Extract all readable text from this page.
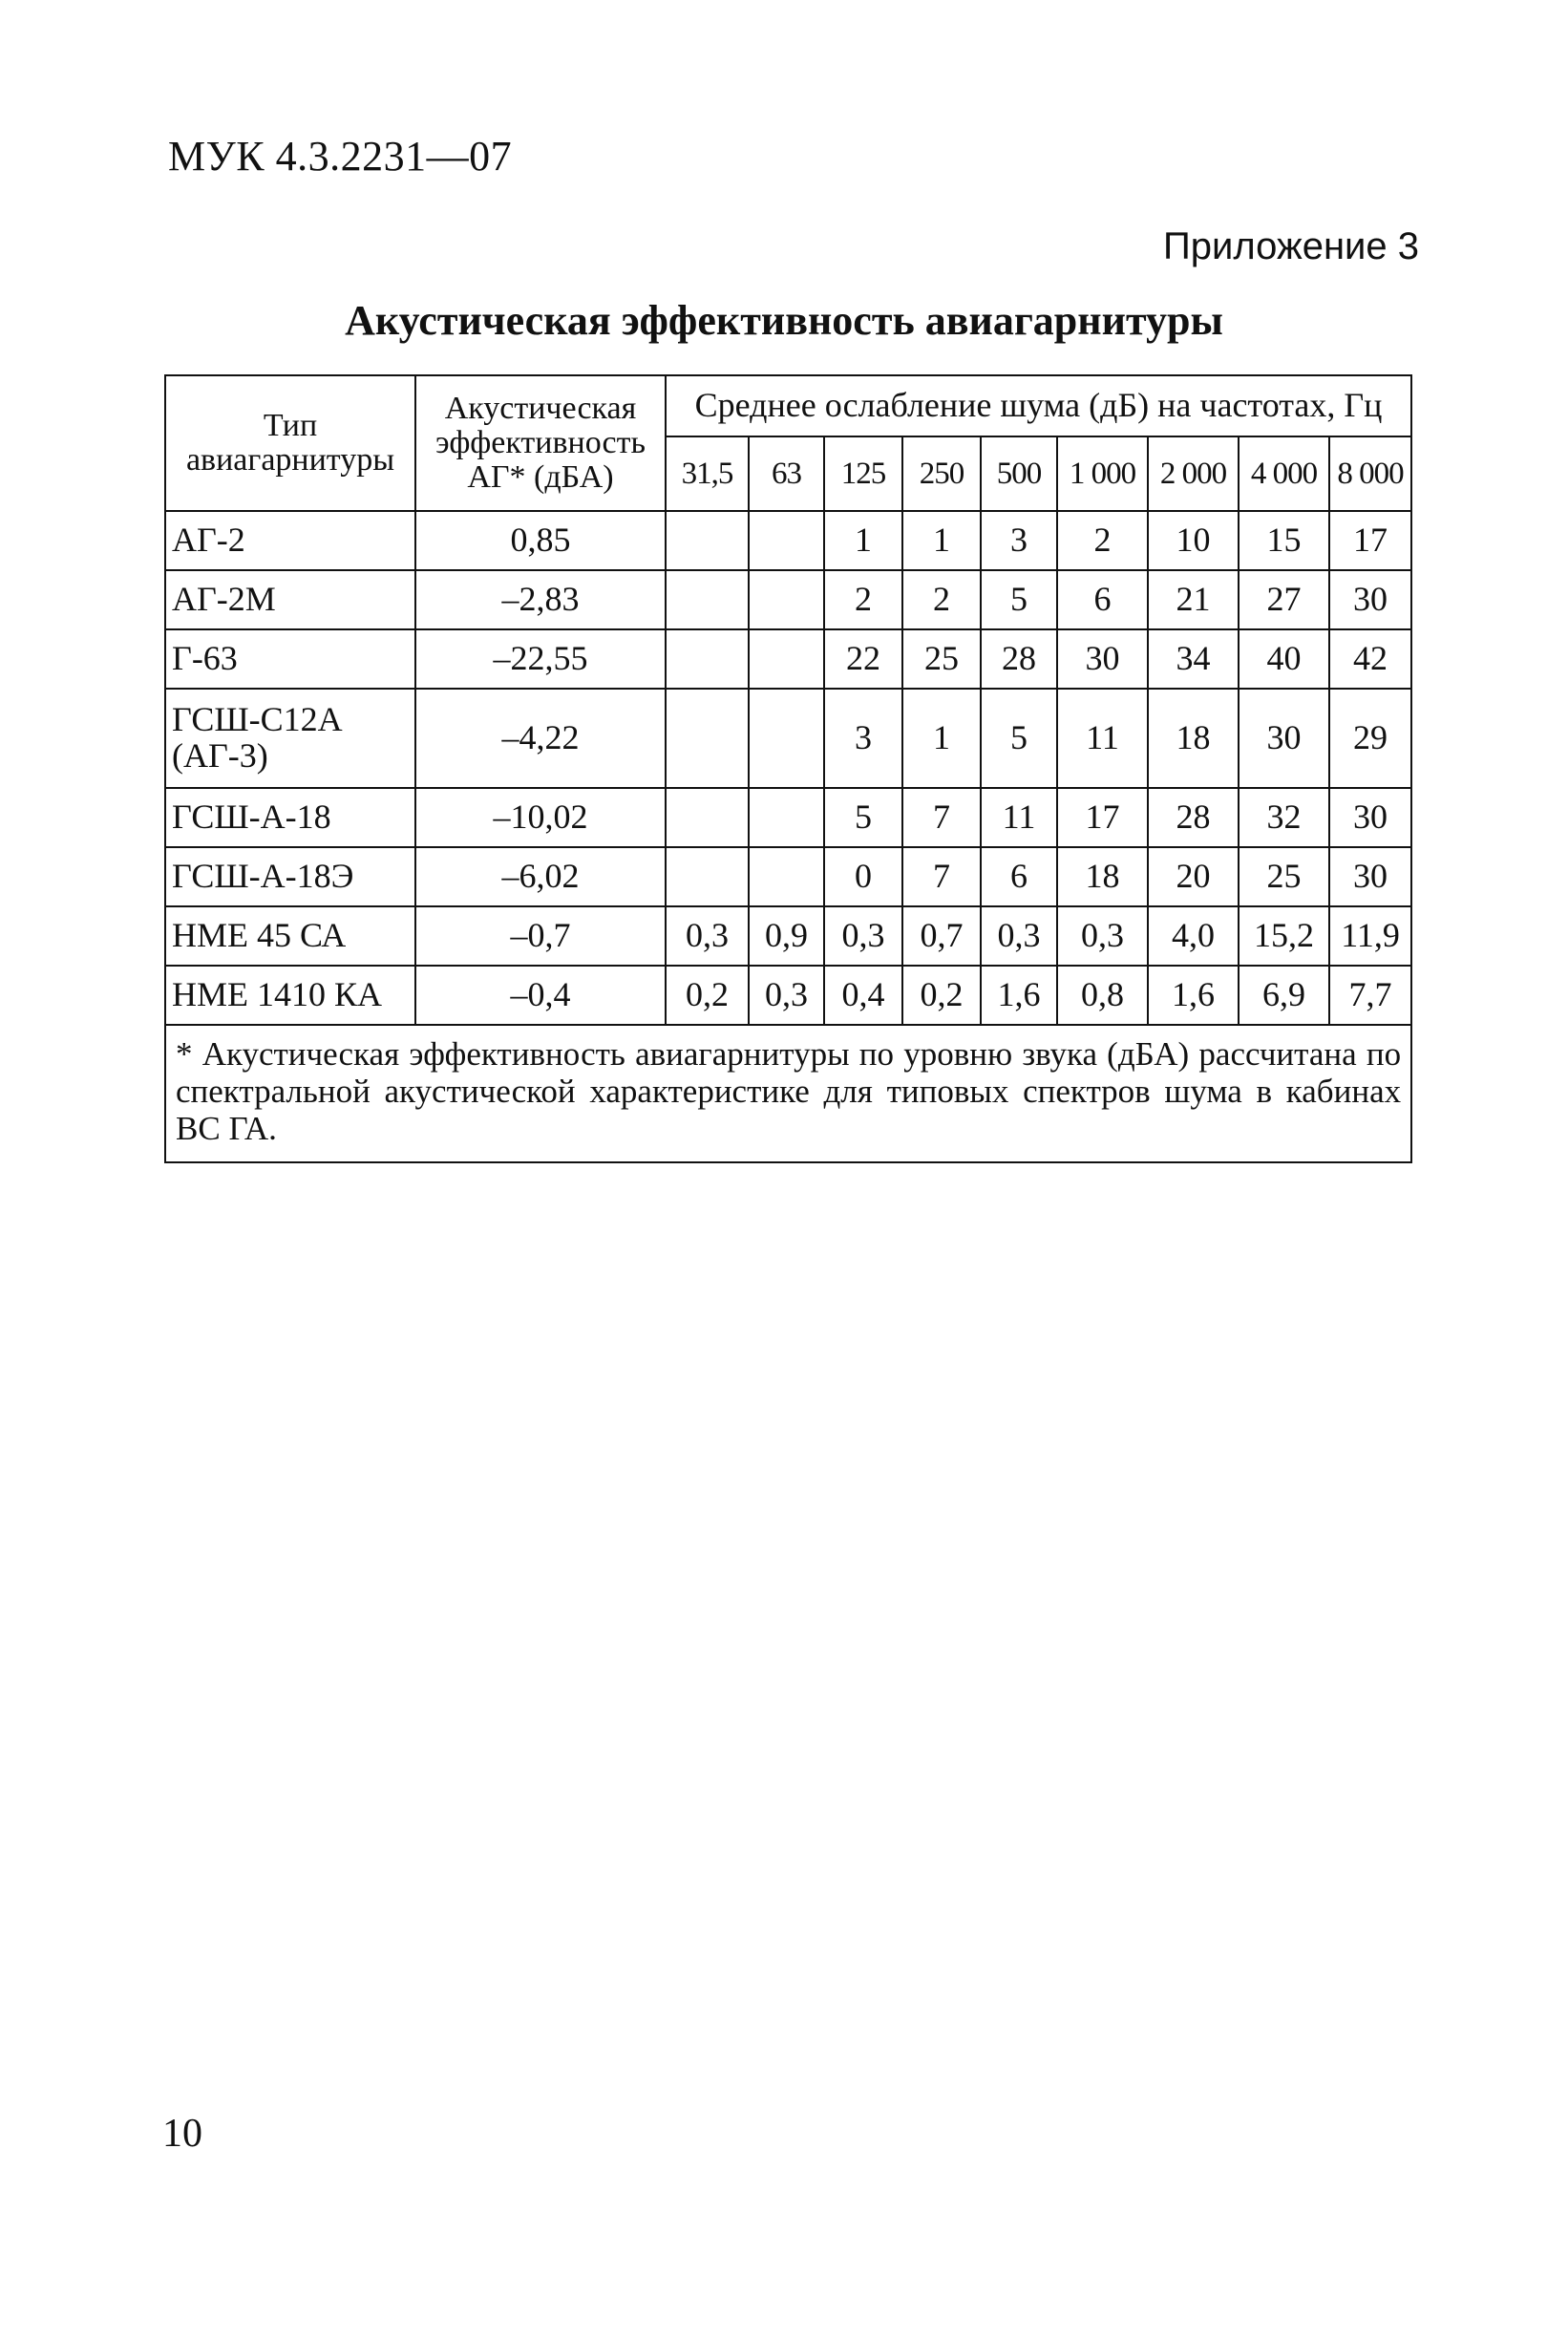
МУК 4.3.2231—07
Приложение 3
Акустическая эффективность авиагарнитуры
Тип авиагарнитуры	Акустическая эффективность АГ* (дБА)	Среднее ослабление шума (дБ) на частотах, Гц								
		31,5	63	125	250	500	1 000	2 000	4 000	8 000
АГ-2	0,85			1	1	3	2	10	15	17
АГ-2М	–2,83			2	2	5	6	21	27	30
Г-63	–22,55			22	25	28	30	34	40	42
ГСШ-С12А (АГ-3)	–4,22			3	1	5	11	18	30	29
ГСШ-А-18	–10,02			5	7	11	17	28	32	30
ГСШ-А-18Э	–6,02			0	7	6	18	20	25	30
НМЕ 45 СА	–0,7	0,3	0,9	0,3	0,7	0,3	0,3	4,0	15,2	11,9
НМЕ 1410 КА	–0,4	0,2	0,3	0,4	0,2	1,6	0,8	1,6	6,9	7,7
* Акустическая эффективность авиагарнитуры по уровню звука (дБА) рассчитана по спектральной акустической характеристике для типовых спектров шума в кабинах ВС ГА.										
10
